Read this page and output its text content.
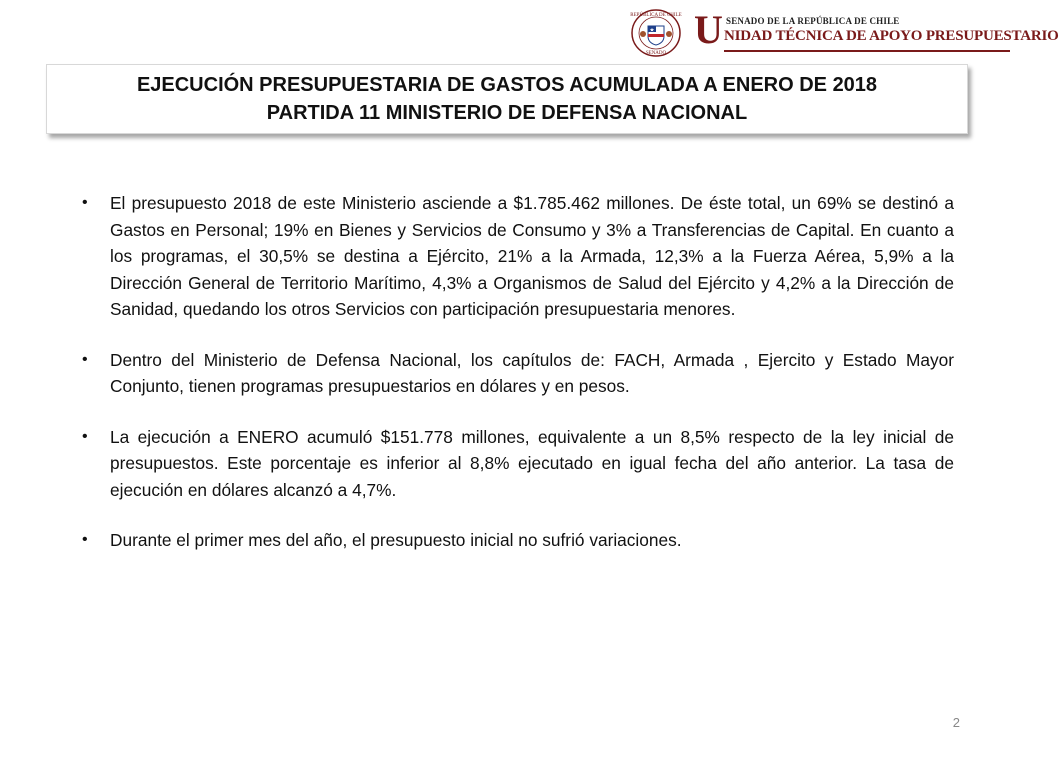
REPÚBLICA DE CHILE
SENADO
U SENADO DE LA REPÚBLICA DE CHILE
NIDAD TÉCNICA DE APOYO PRESUPUESTARIO
EJECUCIÓN PRESUPUESTARIA DE GASTOS ACUMULADA A ENERO DE 2018
PARTIDA 11 MINISTERIO DE DEFENSA NACIONAL
• El presupuesto 2018 de este Ministerio asciende a $1.785.462 millones. De éste total, un 69% se destinó a Gastos en Personal; 19% en Bienes y Servicios de Consumo y 3% a Transferencias de Capital. En cuanto a los programas, el 30,5% se destina a Ejército, 21% a la Armada, 12,3% a la Fuerza Aérea, 5,9% a la Dirección General de Territorio Marítimo, 4,3% a Organismos de Salud del Ejército y 4,2% a la Dirección de Sanidad, quedando los otros Servicios con participación presupuestaria menores.
• Dentro del Ministerio de Defensa Nacional, los capítulos de: FACH, Armada , Ejercito y Estado Mayor Conjunto, tienen programas presupuestarios en dólares y en pesos.
• La ejecución a ENERO acumuló $151.778 millones, equivalente a un 8,5% respecto de la ley inicial de presupuestos. Este porcentaje es inferior al 8,8% ejecutado en igual fecha del año anterior. La tasa de ejecución en dólares alcanzó a 4,7%.
• Durante el primer mes del año, el presupuesto inicial no sufrió variaciones.
2
